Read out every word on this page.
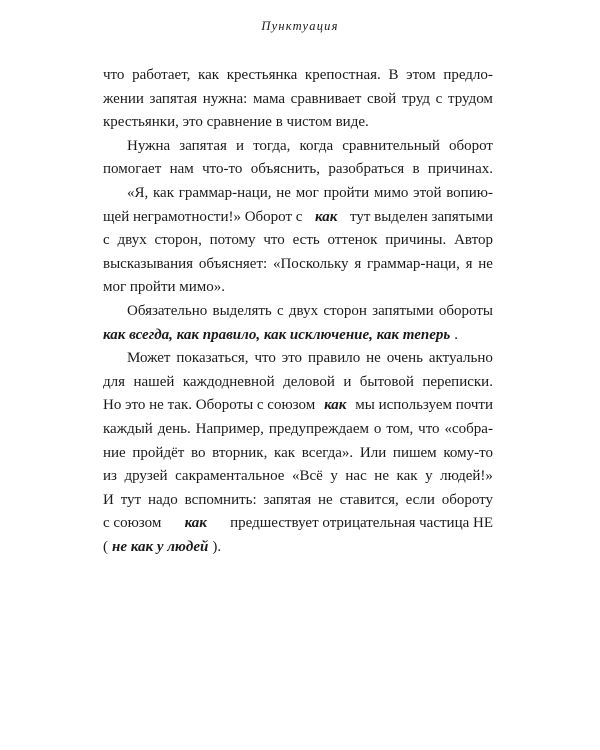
Пунктуация
что работает, как крестьянка крепостная. В этом предло-
жении запятая нужна: мама сравнивает свой труд с трудом
крестьянки, это сравнение в чистом виде.
Нужна запятая и тогда, когда сравнительный оборот
помогает нам что-то объяснить, разобраться в причинах.
«Я, как граммар-наци, не мог пройти мимо этой вопию-
щей неграмотности!» Оборот с как тут выделен запятыми
с двух сторон, потому что есть оттенок причины. Автор
высказывания объясняет: «Поскольку я граммар-наци, я не
мог пройти мимо».
Обязательно выделять с двух сторон запятыми обороты
как всегда, как правило, как исключение, как теперь .
Может показаться, что это правило не очень актуально
для нашей каждодневной деловой и бытовой переписки.
Но это не так. Обороты с союзом как мы используем почти
каждый день. Например, предупреждаем о том, что «собра-
ние пройдёт во вторник, как всегда». Или пишем кому-то
из друзей сакраментальное «Всё у нас не как у людей!»
И тут надо вспомнить: запятая не ставится, если обороту
с союзом как предшествует отрицательная частица НЕ
( не как у людей ).
